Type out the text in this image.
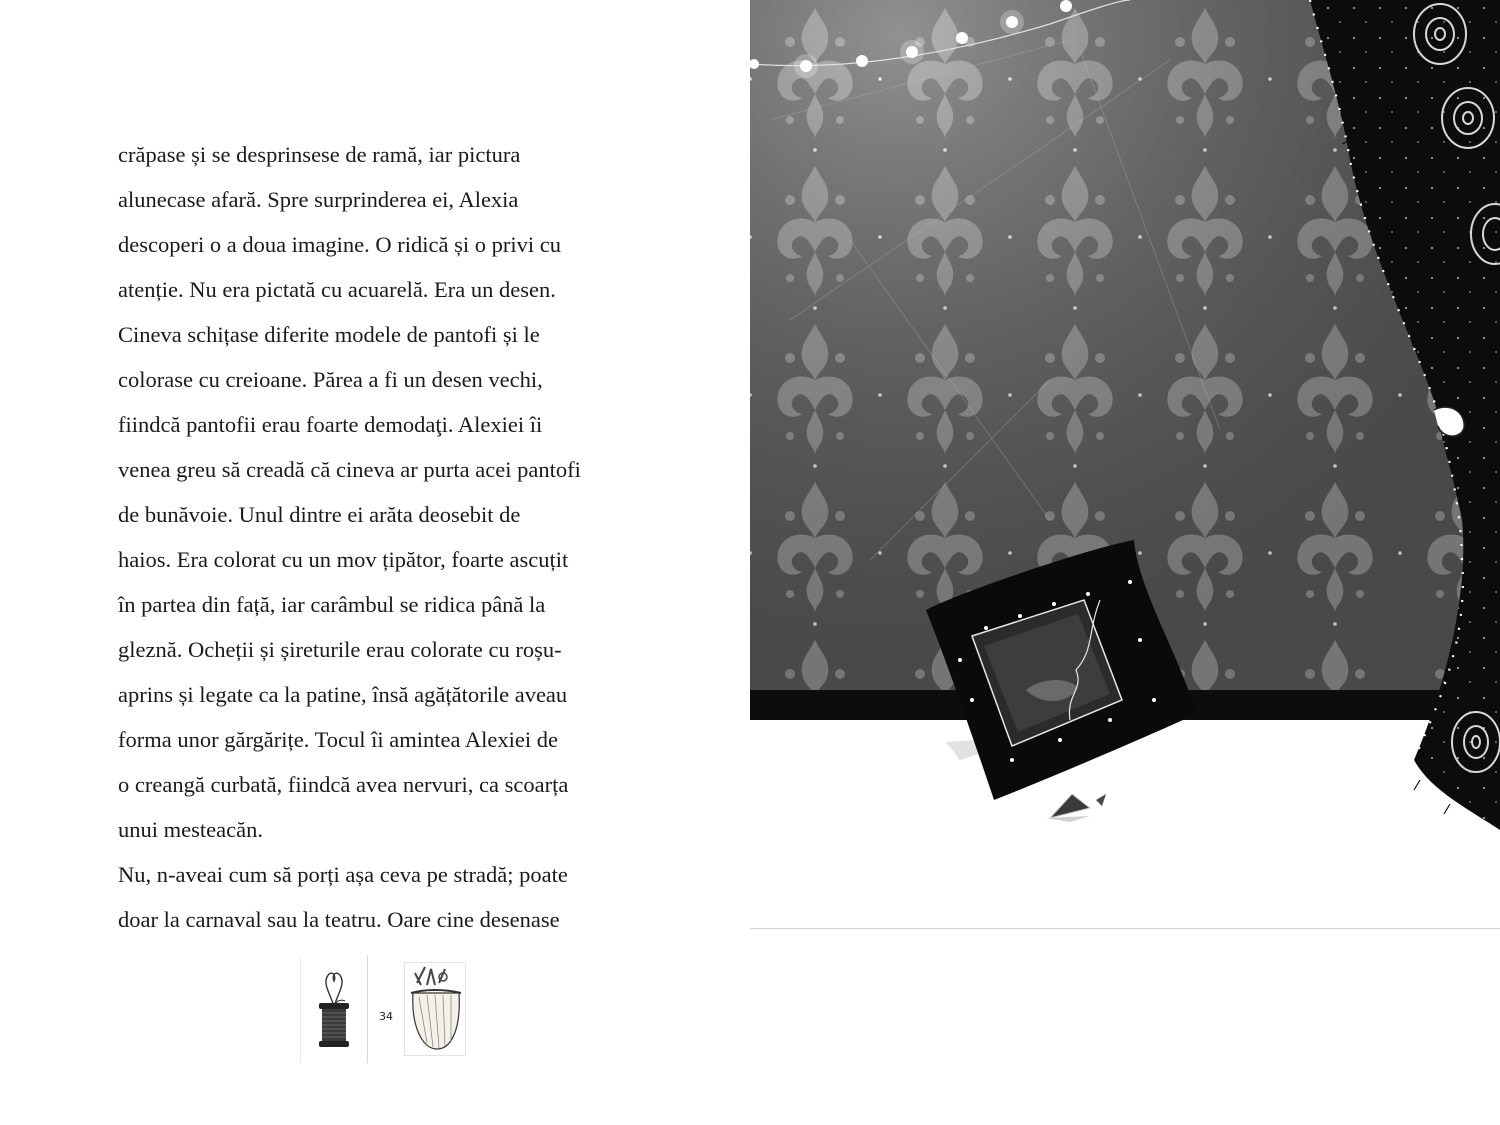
crăpase și se desprinsese de ramă, iar pictura
alunecase afară. Spre surprinderea ei, Alexia
descoperi o a doua imagine. O ridică și o privi cu
atenție. Nu era pictată cu acuarelă. Era un desen.
Cineva schițase diferite modele de pantofi și le
colorase cu creioane. Părea a fi un desen vechi,
fiindcă pantofii erau foarte demodaţi. Alexiei îi
venea greu să creadă că cineva ar purta acei pantofi
de bunăvoie. Unul dintre ei arăta deosebit de
haios. Era colorat cu un mov țipător, foarte ascuțit
în partea din față, iar carâmbul se ridica până la
gleznă. Ocheții și șireturile erau colorate cu roșu-
aprins și legate ca la patine, însă agățătorile aveau
forma unor gărgărițe. Tocul îi amintea Alexiei de
o creangă curbată, fiindcă avea nervuri, ca scoarța
unui mesteacăn.
Nu, n-aveai cum să porți așa ceva pe stradă; poate
doar la carnaval sau la teatru. Oare cine desenase
34
